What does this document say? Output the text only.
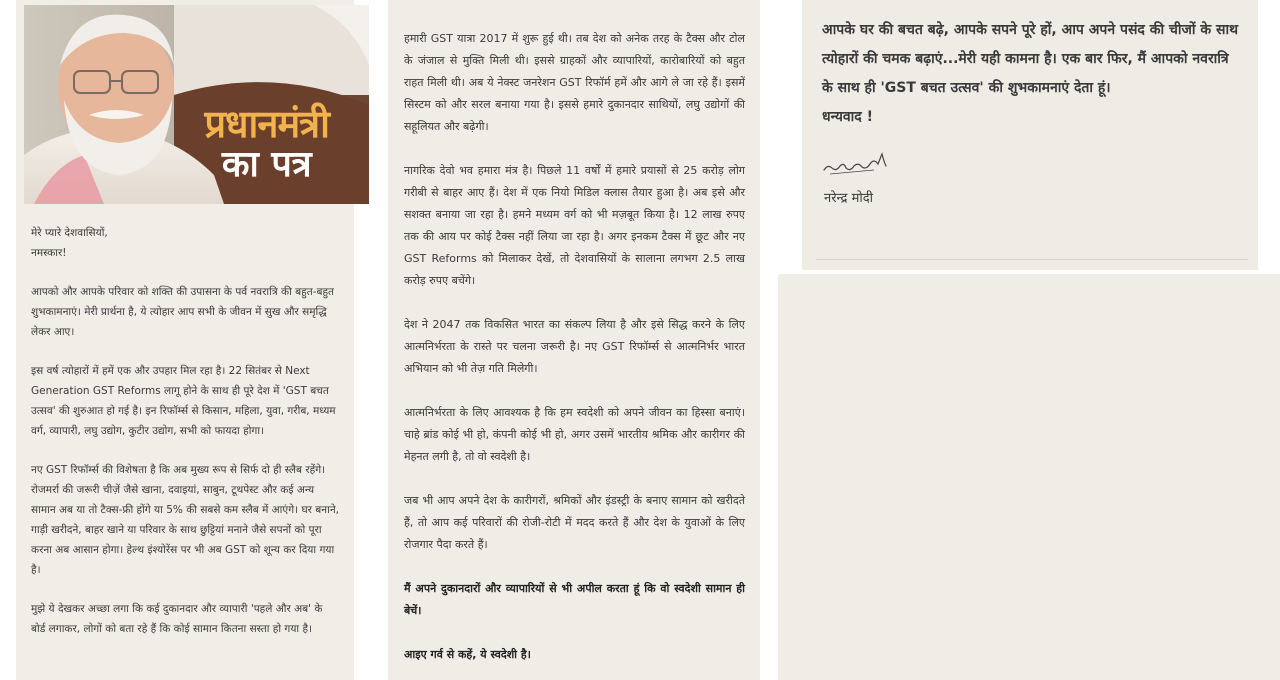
प्रधानमंत्री
का पत्र

मेरे प्यारे देशवासियों,

नमस्कार!

आपको और आपके परिवार को शक्ति की उपासना के पर्व नवरात्रि की बहुत-बहुत शुभकामनाएं। मेरी प्रार्थना है, ये त्योहार आप सभी के जीवन में सुख और समृद्धि लेकर आए।

इस वर्ष त्योहारों में हमें एक और उपहार मिल रहा है। 22 सितंबर से Next Generation GST Reforms लागू होने के साथ ही पूरे देश में 'GST बचत उत्सव' की शुरुआत हो गई है। इन रिफॉर्म्स से किसान, महिला, युवा, गरीब, मध्यम वर्ग, व्यापारी, लघु उद्योग, कुटीर उद्योग, सभी को फायदा होगा।

नए GST रिफॉर्म्स की विशेषता है कि अब मुख्य रूप से सिर्फ दो ही स्लैब रहेंगे। रोजमर्रा की जरूरी चीज़ें जैसे खाना, दवाइयां, साबुन, टूथपेस्ट और कई अन्य सामान अब या तो टैक्स-फ्री होंगे या 5% की सबसे कम स्लैब में आएंगे। घर बनाने, गाड़ी खरीदने, बाहर खाने या परिवार के साथ छुट्टियां मनाने जैसे सपनों को पूरा करना अब आसान होगा। हेल्थ इंश्योरेंस पर भी अब GST को शून्य कर दिया गया है।

मुझे ये देखकर अच्छा लगा कि कई दुकानदार और व्यापारी 'पहले और अब' के बोर्ड लगाकर, लोगों को बता रहे हैं कि कोई सामान कितना सस्ता हो गया है।

हमारी GST यात्रा 2017 में शुरू हुई थी। तब देश को अनेक तरह के टैक्स और टोल के जंजाल से मुक्ति मिली थी। इससे ग्राहकों और व्यापारियों, कारोबारियों को बहुत राहत मिली थी। अब ये नेक्स्ट जनरेशन GST रिफॉर्म हमें और आगे ले जा रहे हैं। इसमें सिस्टम को और सरल बनाया गया है। इससे हमारे दुकानदार साथियों, लघु उद्योगों की सहूलियत और बढ़ेगी।

नागरिक देवो भव हमारा मंत्र है। पिछले 11 वर्षों में हमारे प्रयासों से 25 करोड़ लोग गरीबी से बाहर आए हैं। देश में एक नियो मिडिल क्लास तैयार हुआ है। अब इसे और सशक्त बनाया जा रहा है। हमने मध्यम वर्ग को भी मज़बूत किया है। 12 लाख रुपए तक की आय पर कोई टैक्स नहीं लिया जा रहा है। अगर इनकम टैक्स में छूट और नए GST Reforms को मिलाकर देखें, तो देशवासियों के सालाना लगभग 2.5 लाख करोड़ रुपए बचेंगे।

देश ने 2047 तक विकसित भारत का संकल्प लिया है और इसे सिद्ध करने के लिए आत्मनिर्भरता के रास्ते पर चलना जरूरी है। नए GST रिफॉर्म्स से आत्मनिर्भर भारत अभियान को भी तेज़ गति मिलेगी।

आत्मनिर्भरता के लिए आवश्यक है कि हम स्वदेशी को अपने जीवन का हिस्सा बनाएं। चाहे ब्रांड कोई भी हो, कंपनी कोई भी हो, अगर उसमें भारतीय श्रमिक और कारीगर की मेहनत लगी है, तो वो स्वदेशी है।

जब भी आप अपने देश के कारीगरों, श्रमिकों और इंडस्ट्री के बनाए सामान को खरीदते हैं, तो आप कई परिवारों की रोजी-रोटी में मदद करते हैं और देश के युवाओं के लिए रोजगार पैदा करते हैं।

मैं अपने दुकानदारों और व्यापारियों से भी अपील करता हूं कि वो स्वदेशी सामान ही बेचें।

आइए गर्व से कहें, ये स्वदेशी है।

आपके घर की बचत बढ़े, आपके सपने पूरे हों, आप अपने पसंद की चीजों के साथ त्योहारों की चमक बढ़ाएं...मेरी यही कामना है। एक बार फिर, मैं आपको नवरात्रि के साथ ही 'GST बचत उत्सव' की शुभकामनाएं देता हूं।

धन्यवाद !

नरेन्द्र मोदी
